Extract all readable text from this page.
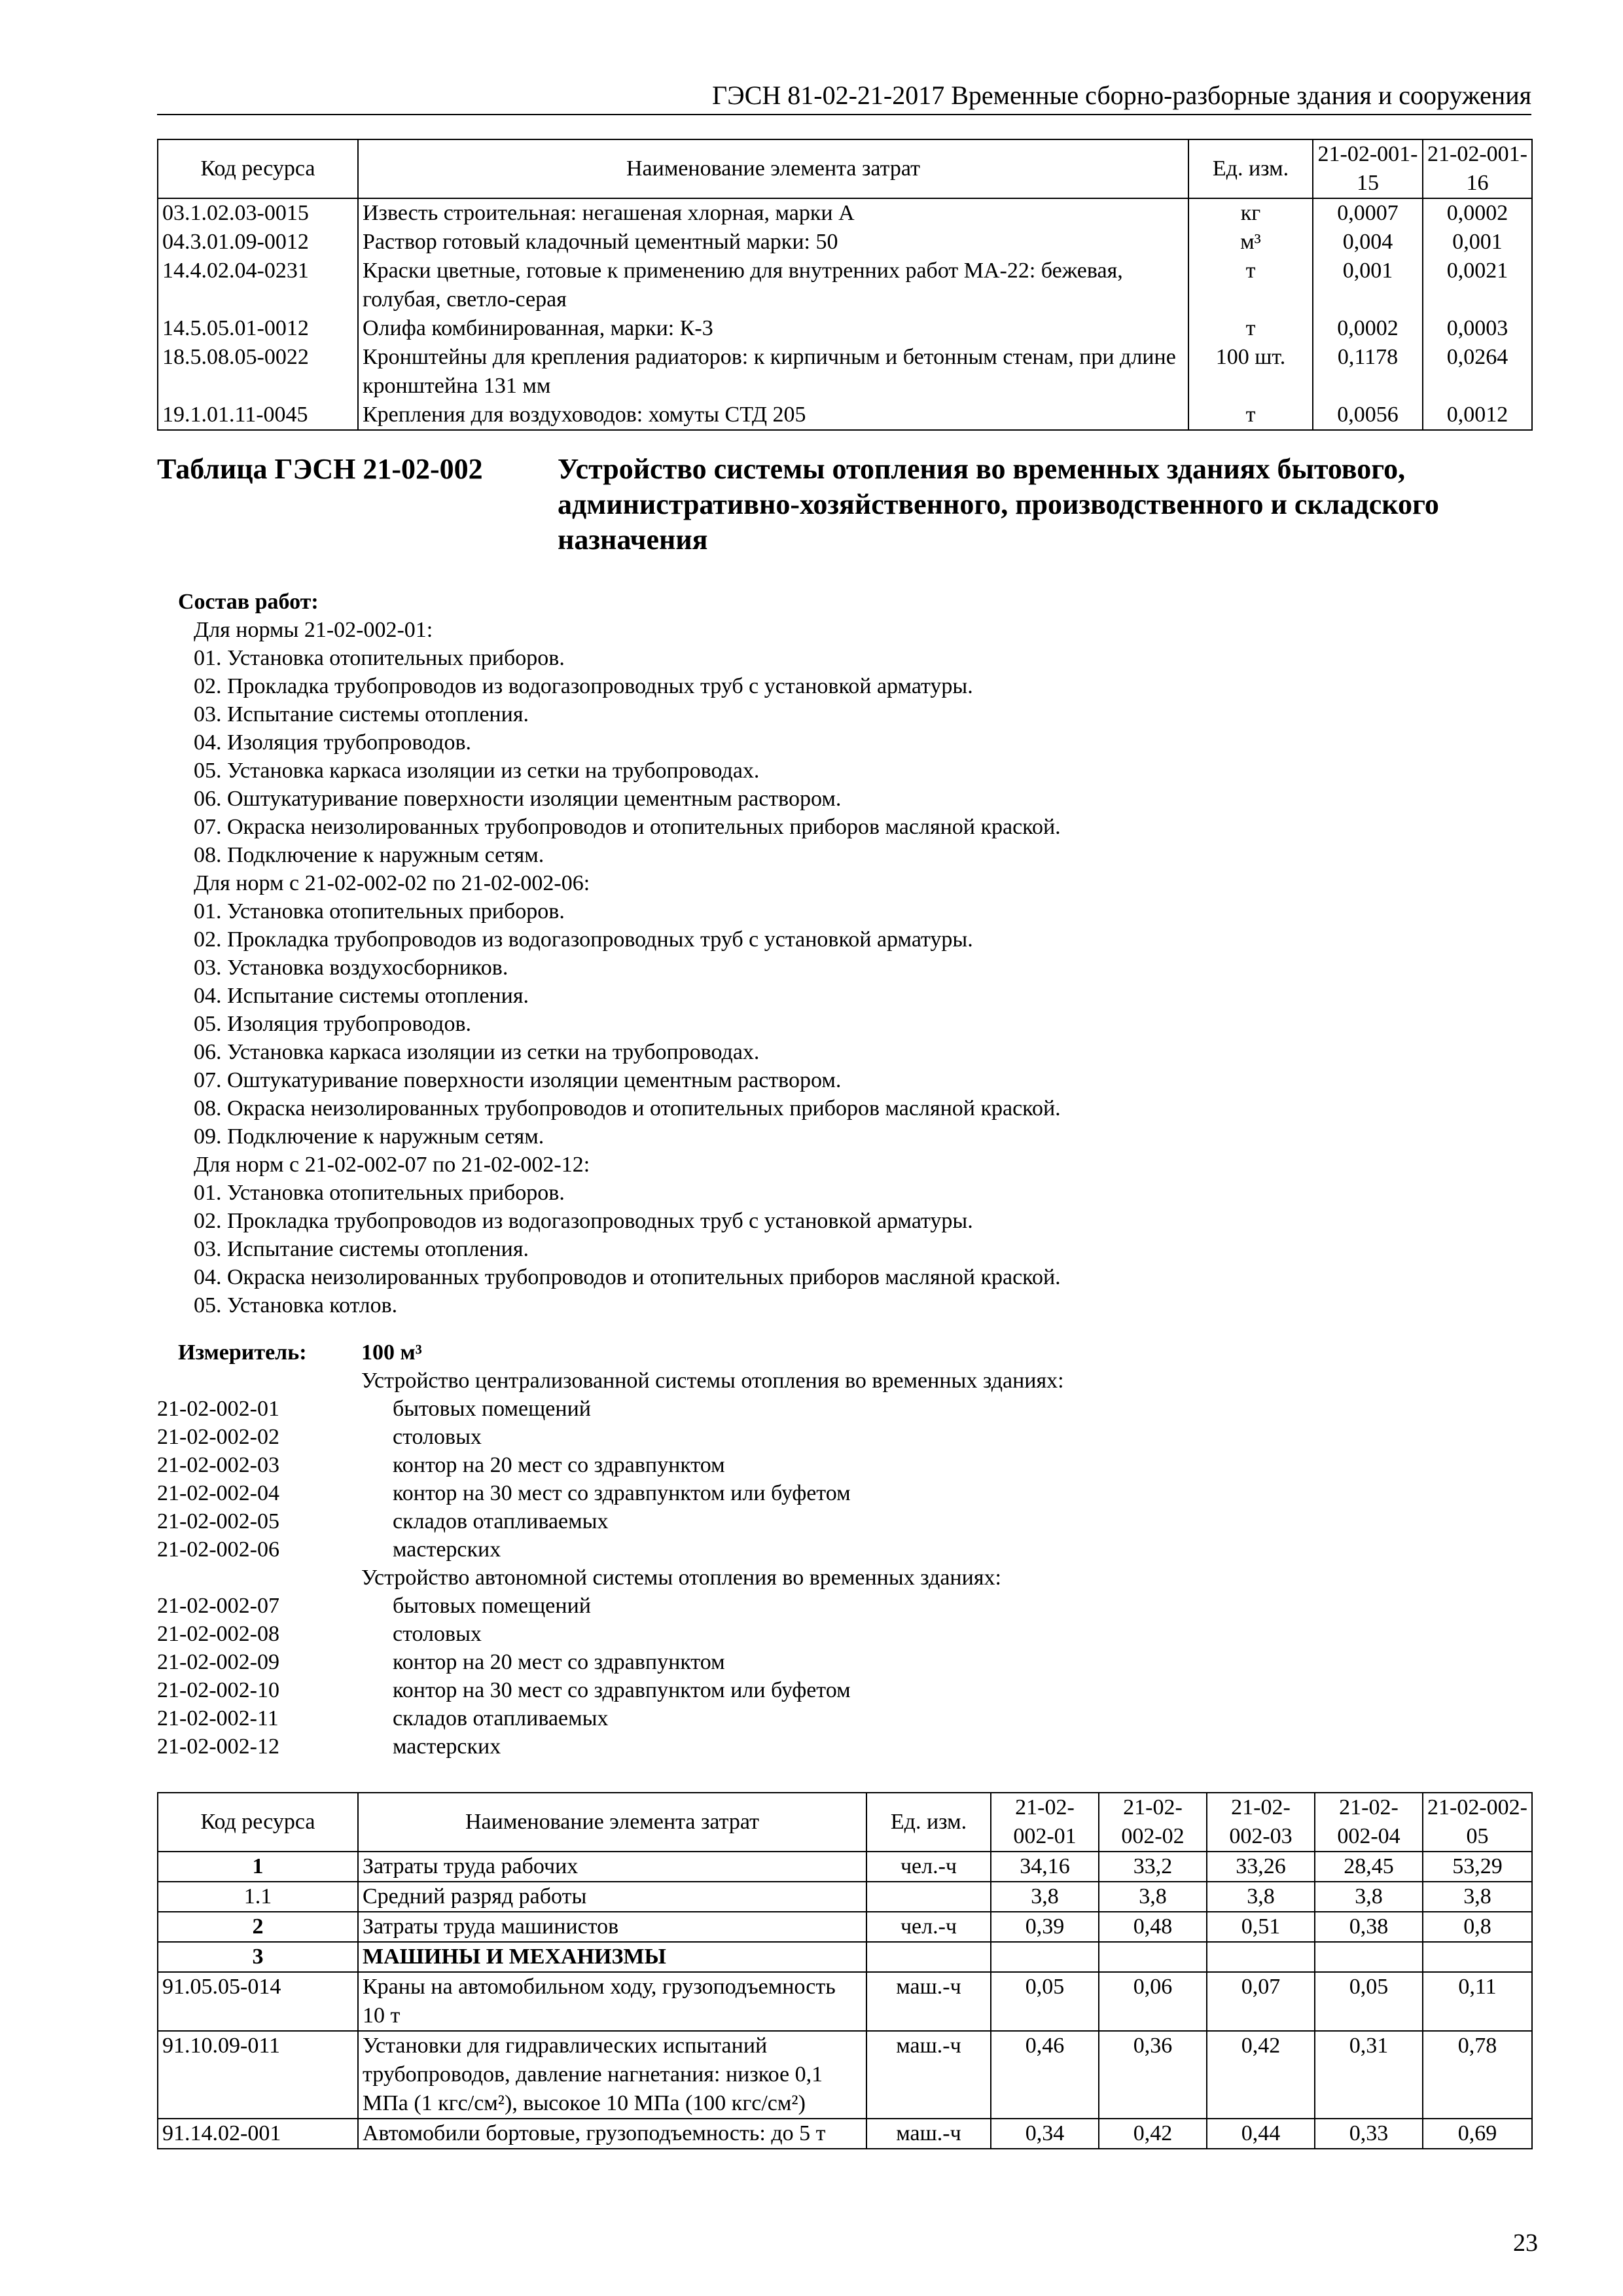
ГЭСН 81-02-21-2017 Временные сборно-разборные здания и сооружения
Код ресурса	Наименование элемента затрат	Ед. изм.	21-02-001-15	21-02-001-16
03.1.02.03-0015	Известь строительная: негашеная хлорная, марки А	кг	0,0007	0,0002
04.3.01.09-0012	Раствор готовый кладочный цементный марки: 50	м³	0,004	0,001
14.4.02.04-0231	Краски цветные, готовые к применению для внутренних работ МА-22: бежевая, голубая, светло-серая	т	0,001	0,0021
14.5.05.01-0012	Олифа комбинированная, марки: К-3	т	0,0002	0,0003
18.5.08.05-0022	Кронштейны для крепления радиаторов: к кирпичным и бетонным стенам, при длине кронштейна 131 мм	100 шт.	0,1178	0,0264
19.1.01.11-0045	Крепления для воздуховодов: хомуты СТД 205	т	0,0056	0,0012
Таблица ГЭСН 21-02-002	Устройство системы отопления во временных зданиях бытового, административно-хозяйственного, производственного и складского назначения
Состав работ:
Для нормы 21-02-002-01:
01. Установка отопительных приборов.
02. Прокладка трубопроводов из водогазопроводных труб с установкой арматуры.
03. Испытание системы отопления.
04. Изоляция трубопроводов.
05. Установка каркаса изоляции из сетки на трубопроводах.
06. Оштукатуривание поверхности изоляции цементным раствором.
07. Окраска неизолированных трубопроводов и отопительных приборов масляной краской.
08. Подключение к наружным сетям.
Для норм с 21-02-002-02 по 21-02-002-06:
01. Установка отопительных приборов.
02. Прокладка трубопроводов из водогазопроводных труб с установкой арматуры.
03. Установка воздухосборников.
04. Испытание системы отопления.
05. Изоляция трубопроводов.
06. Установка каркаса изоляции из сетки на трубопроводах.
07. Оштукатуривание поверхности изоляции цементным раствором.
08. Окраска неизолированных трубопроводов и отопительных приборов масляной краской.
09. Подключение к наружным сетям.
Для норм с 21-02-002-07 по 21-02-002-12:
01. Установка отопительных приборов.
02. Прокладка трубопроводов из водогазопроводных труб с установкой арматуры.
03. Испытание системы отопления.
04. Окраска неизолированных трубопроводов и отопительных приборов масляной краской.
05. Установка котлов.
Измеритель: 100 м³
Устройство централизованной системы отопления во временных зданиях:
21-02-002-01	бытовых помещений
21-02-002-02	столовых
21-02-002-03	контор на 20 мест со здравпунктом
21-02-002-04	контор на 30 мест со здравпунктом или буфетом
21-02-002-05	складов отапливаемых
21-02-002-06	мастерских
Устройство автономной системы отопления во временных зданиях:
21-02-002-07	бытовых помещений
21-02-002-08	столовых
21-02-002-09	контор на 20 мест со здравпунктом
21-02-002-10	контор на 30 мест со здравпунктом или буфетом
21-02-002-11	складов отапливаемых
21-02-002-12	мастерских
Код ресурса	Наименование элемента затрат	Ед. изм.	21-02-002-01	21-02-002-02	21-02-002-03	21-02-002-04	21-02-002-05
1	Затраты труда рабочих	чел.-ч	34,16	33,2	33,26	28,45	53,29
1.1	Средний разряд работы		3,8	3,8	3,8	3,8	3,8
2	Затраты труда машинистов	чел.-ч	0,39	0,48	0,51	0,38	0,8
3	МАШИНЫ И МЕХАНИЗМЫ						
91.05.05-014	Краны на автомобильном ходу, грузоподъемность 10 т	маш.-ч	0,05	0,06	0,07	0,05	0,11
91.10.09-011	Установки для гидравлических испытаний трубопроводов, давление нагнетания: низкое 0,1 МПа (1 кгс/см²), высокое 10 МПа (100 кгс/см²)	маш.-ч	0,46	0,36	0,42	0,31	0,78
91.14.02-001	Автомобили бортовые, грузоподъемность: до 5 т	маш.-ч	0,34	0,42	0,44	0,33	0,69
23
